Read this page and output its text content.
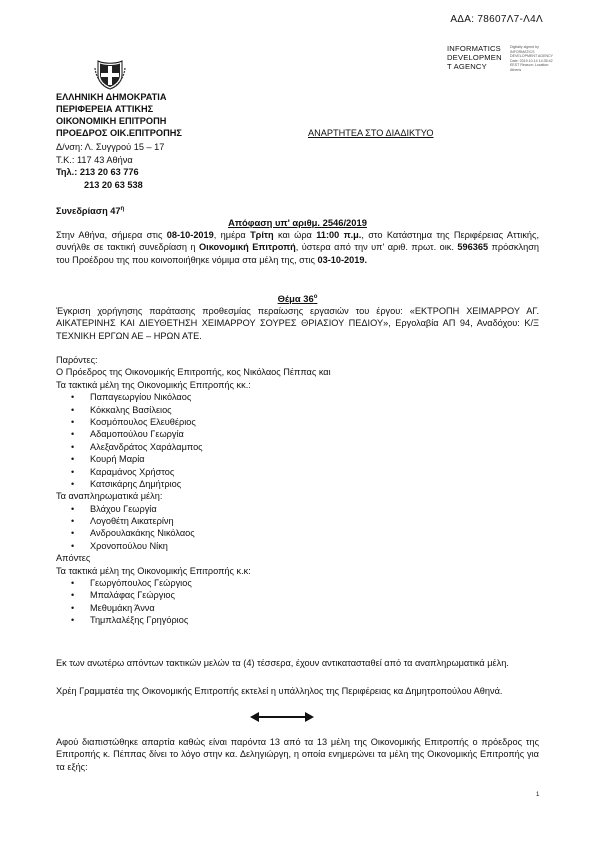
ΑΔΑ: 78607Λ7-Λ4Λ
INFORMATICS
DEVELOPMEN
T AGENCY
Digitally signed by INFORMATICS DEVELOPMENT AGENCY Date: 2019.10.14 14:35:42 EEST Reason: Location: Athens
ΕΛΛΗΝΙΚΗ ΔΗΜΟΚΡΑΤΙΑ
ΠΕΡΙΦΕΡΕΙΑ ΑΤΤΙΚΗΣ
ΟΙΚΟΝΟΜΙΚΗ ΕΠΙΤΡΟΠΗ
ΠΡΟΕΔΡΟΣ ΟΙΚ.ΕΠΙΤΡΟΠΗΣ	ΑΝΑΡΤΗΤΕΑ ΣΤΟ ΔΙΑΔΙΚΤΥΟ
Δ/νση: Λ. Συγγρού 15 – 17
Τ.Κ.: 117 43 Αθήνα
Τηλ.: 213 20 63 776
213 20 63 538
Συνεδρίαση $47^\eta$
Απόφαση υπ' αριθμ. 2546/2019
Στην Αθήνα, σήμερα στις 08-10-2019, ημέρα Τρίτη και ώρα 11:00 π.μ., στο Κατάστημα της Περιφέρειας Αττικής, συνήλθε σε τακτική συνεδρίαση η Οικονομική Επιτροπή, ύστερα από την υπ' αριθ. πρωτ. οικ. 596365 πρόσκληση του Προέδρου της που κοινοποιήθηκε νόμιμα στα μέλη της, στις 03-10-2019.
Θέμα $36^o$
Έγκριση χορήγησης παράτασης προθεσμίας περαίωσης εργασιών του έργου: «ΕΚΤΡΟΠΗ ΧΕΙΜΑΡΡΟΥ ΑΓ. ΑΙΚΑΤΕΡΙΝΗΣ ΚΑΙ ΔΙΕΥΘΕΤΗΣΗ ΧΕΙΜΑΡΡΟΥ ΣΟΥΡΕΣ ΘΡΙΑΣΙΟΥ ΠΕΔΙΟΥ», Εργολαβία ΑΠ 94, Αναδόχου: Κ/Ξ ΤΕΧΝΙΚΗ ΕΡΓΩΝ ΑΕ – ΗΡΩΝ ΑΤΕ.
Παρόντες:
Ο Πρόεδρος της Οικονομικής Επιτροπής, κος Νικόλαος Πέππας και
Τα τακτικά μέλη της Οικονομικής Επιτροπής κκ.:
• Παπαγεωργίου Νικόλαος
• Κόκκαλης Βασίλειος
• Κοσμόπουλος Ελευθέριος
• Αδαμοπούλου Γεωργία
• Αλεξανδράτος Χαράλαμπος
• Κουρή Μαρία
• Καραμάνος Χρήστος
• Κατσικάρης Δημήτριος
Τα αναπληρωματικά μέλη:
• Βλάχου Γεωργία
• Λογοθέτη Αικατερίνη
• Ανδρουλακάκης Νικόλαος
• Χρονοπούλου Νίκη
Απόντες
Τα τακτικά μέλη της Οικονομικής Επιτροπής κ.κ:
• Γεωργόπουλος Γεώργιος
• Μπαλάφας Γεώργιος
• Μεθυμάκη Άννα
• Τημπλαλέξης Γρηγόριος
Εκ των ανωτέρω απόντων τακτικών μελών τα (4) τέσσερα, έχουν αντικατασταθεί από τα αναπληρωματικά μέλη.
Χρέη Γραμματέα της Οικονομικής Επιτροπής εκτελεί η υπάλληλος της Περιφέρειας κα Δημητροπούλου Αθηνά.
Αφού διαπιστώθηκε απαρτία καθώς είναι παρόντα 13 από τα 13 μέλη της Οικονομικής Επιτροπής ο πρόεδρος της Επιτροπής κ. Πέππας δίνει το λόγο στην κα. Δεληγιώργη, η οποία ενημερώνει τα μέλη της Οικονομικής Επιτροπής για τα εξής:
1
